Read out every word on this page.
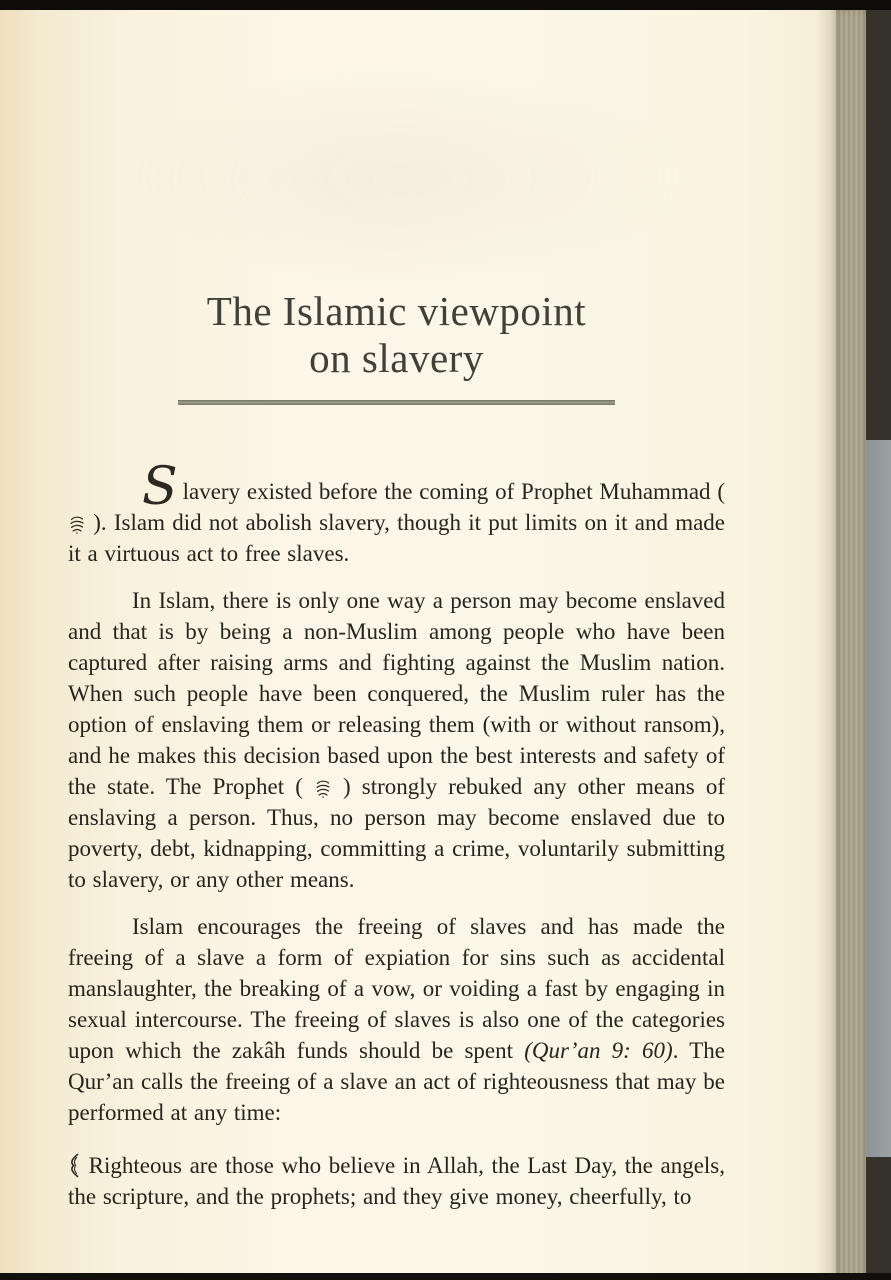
The Islamic viewpoint
on slavery

Slavery existed before the coming of Prophet Muhammad (  ). Islam did not abolish slavery, though it put limits on it and made it a virtuous act to free slaves.

In Islam, there is only one way a person may become enslaved and that is by being a non-Muslim among people who have been captured after raising arms and fighting against the Muslim nation. When such people have been conquered, the Muslim ruler has the option of enslaving them or releasing them (with or without ransom), and he makes this decision based upon the best interests and safety of the state. The Prophet ( ) strongly rebuked any other means of enslaving a person. Thus, no person may become enslaved due to poverty, debt, kidnapping, committing a crime, voluntarily submitting to slavery, or any other means.

Islam encourages the freeing of slaves and has made the freeing of a slave a form of expiation for sins such as accidental manslaughter, the breaking of a vow, or voiding a fast by engaging in sexual intercourse. The freeing of slaves is also one of the categories upon which the zakâh funds should be spent (Qur’an 9: 60). The Qur’an calls the freeing of a slave an act of righteousness that may be performed at any time:

Righteous are those who believe in Allah, the Last Day, the angels, the scripture, and the prophets; and they give money, cheerfully, to
